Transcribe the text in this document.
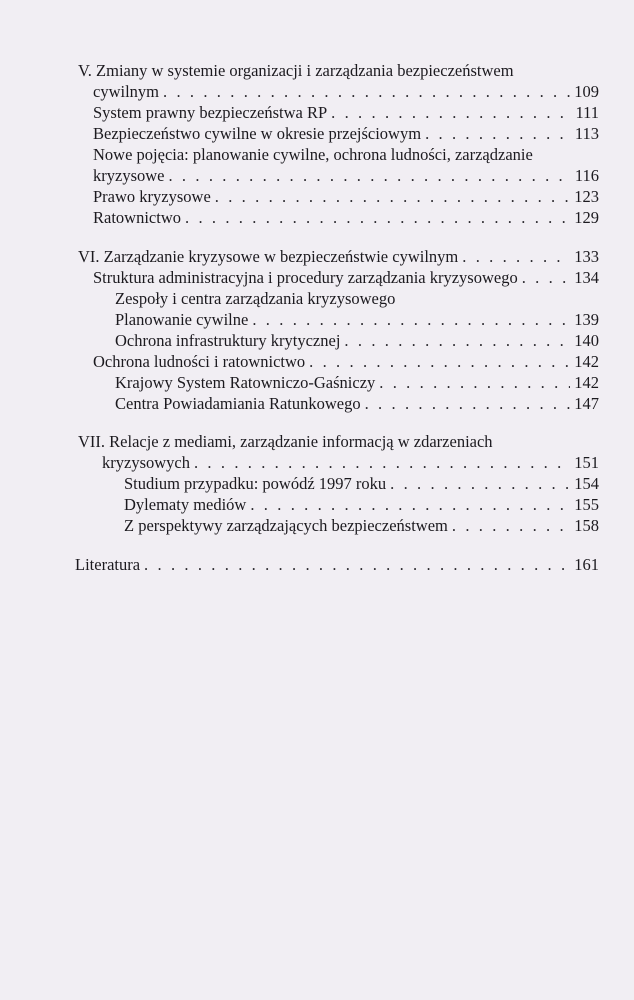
V. Zmiany w systemie organizacji i zarządzania bezpieczeństwem
cywilnym . . .	109
System prawny bezpieczeństwa RP . . .	111
Bezpieczeństwo cywilne w okresie przejściowym . . .	113
Nowe pojęcia: planowanie cywilne, ochrona ludności, zarządzanie
kryzysowe . . .	116
Prawo kryzysowe . . .	123
Ratownictwo . . .	129
VI. Zarządzanie kryzysowe w bezpieczeństwie cywilnym . . .	133
Struktura administracyjna i procedury zarządzania kryzysowego . . .	134
Zespoły i centra zarządzania kryzysowego
Planowanie cywilne . . .	139
Ochrona infrastruktury krytycznej . . .	140
Ochrona ludności i ratownictwo . . .	142
Krajowy System Ratowniczo-Gaśniczy . . .	142
Centra Powiadamiania Ratunkowego . . .	147
VII. Relacje z mediami, zarządzanie informacją w zdarzeniach
kryzysowych . . .	151
Studium przypadku: powódź 1997 roku . . .	154
Dylematy mediów . . .	155
Z perspektywy zarządzających bezpieczeństwem . . .	158
Literatura . . .	161
